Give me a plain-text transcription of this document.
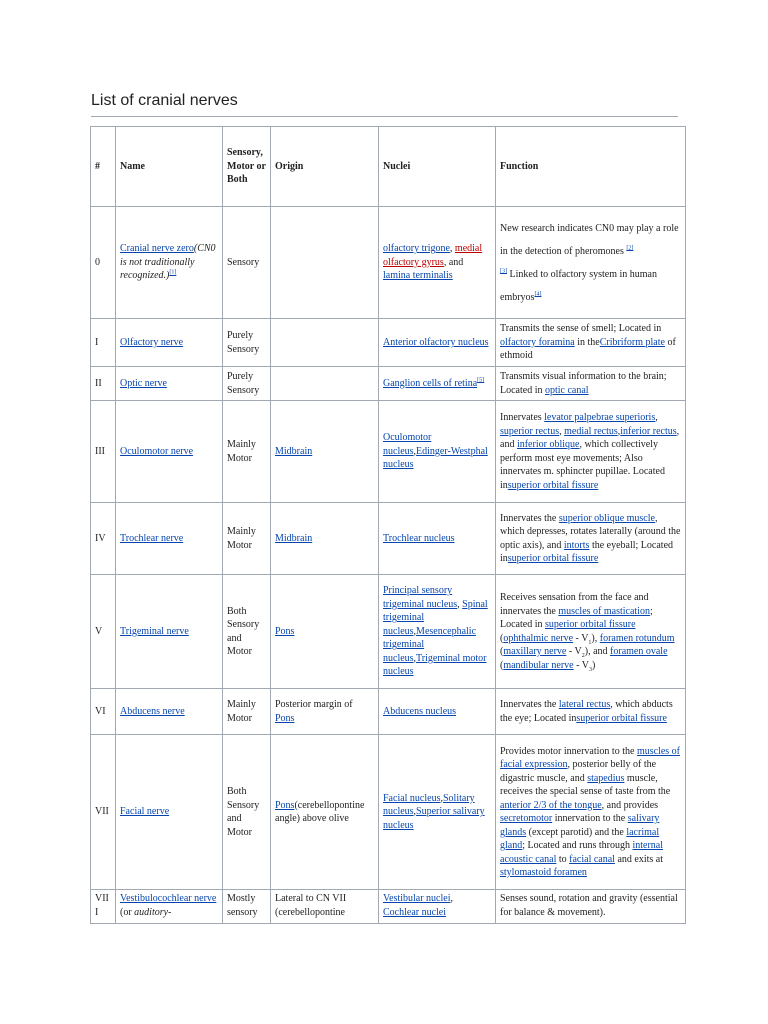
List of cranial nerves
#	Name	Sensory, Motor or Both	Origin	Nuclei	Function
0	Cranial nerve zero(CN0 is not traditionally recognized.)[1]	Sensory		olfactory trigone, medial olfactory gyrus, and lamina terminalis	New research indicates CN0 may play a role in the detection of pheromones [2]
[3] Linked to olfactory system in human embryos[4]
I	Olfactory nerve	Purely Sensory		Anterior olfactory nucleus	Transmits the sense of smell; Located in olfactory foramina in theCribriform plate of ethmoid
II	Optic nerve	Purely Sensory		Ganglion cells of retina[5]	Transmits visual information to the brain; Located in optic canal
III	Oculomotor nerve	Mainly Motor	Midbrain	Oculomotor nucleus,Edinger-Westphal nucleus	Innervates levator palpebrae superioris, superior rectus, medial rectus,inferior rectus, and inferior oblique, which collectively perform most eye movements; Also innervates m. sphincter pupillae. Located insuperior orbital fissure
IV	Trochlear nerve	Mainly Motor	Midbrain	Trochlear nucleus	Innervates the superior oblique muscle, which depresses, rotates laterally (around the optic axis), and intorts the eyeball; Located insuperior orbital fissure
V	Trigeminal nerve	Both Sensory and Motor	Pons	Principal sensory trigeminal nucleus, Spinal trigeminal nucleus,Mesencephalic trigeminal nucleus,Trigeminal motor nucleus	Receives sensation from the face and innervates the muscles of mastication; Located in superior orbital fissure (ophthalmic nerve - $V_1$), foramen rotundum (maxillary nerve - $V_2$), and foramen ovale (mandibular nerve - $V_3$)
VI	Abducens nerve	Mainly Motor	Posterior margin of Pons	Abducens nucleus	Innervates the lateral rectus, which abducts the eye; Located insuperior orbital fissure
VII	Facial nerve	Both Sensory and Motor	Pons(cerebellopontine angle) above olive	Facial nucleus,Solitary nucleus,Superior salivary nucleus	Provides motor innervation to the muscles of facial expression, posterior belly of the digastric muscle, and stapedius muscle, receives the special sense of taste from the anterior 2/3 of the tongue, and provides secretomotor innervation to the salivary glands (except parotid) and the lacrimal gland; Located and runs through internal acoustic canal to facial canal and exits at stylomastoid foramen
VIII	Vestibulocochlear nerve (or auditory-	Mostly sensory	Lateral to CN VII (cerebellopontine	Vestibular nuclei, Cochlear nuclei	Senses sound, rotation and gravity (essential for balance & movement).
